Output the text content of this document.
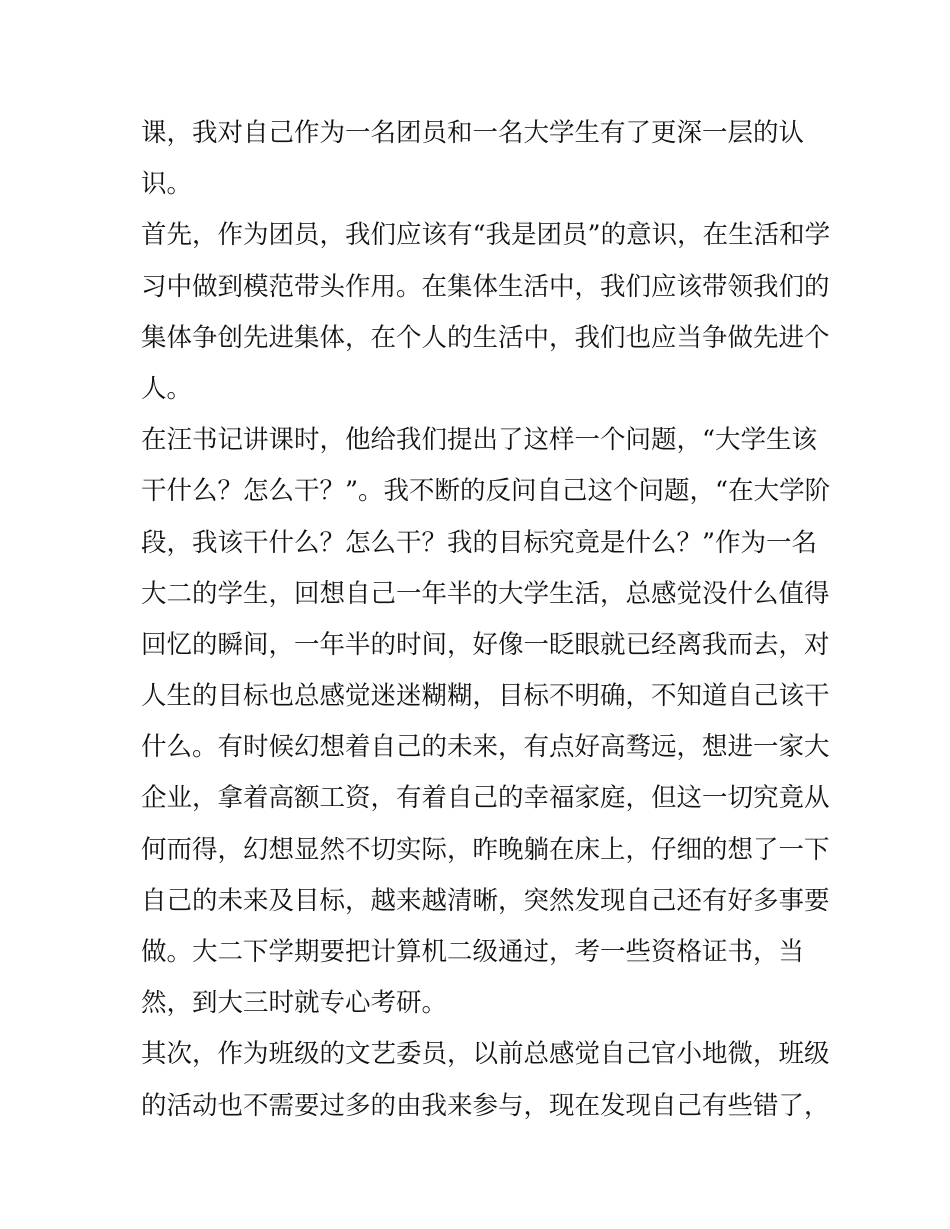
课，我对自己作为一名团员和一名大学生有了更深一层的认
识。
首先，作为团员，我们应该有“我是团员”的意识，在生活和学
习中做到模范带头作用。在集体生活中，我们应该带领我们的
集体争创先进集体，在个人的生活中，我们也应当争做先进个
人。
在汪书记讲课时，他给我们提出了这样一个问题，“大学生该
干什么？怎么干？”。我不断的反问自己这个问题，“在大学阶
段，我该干什么？怎么干？我的目标究竟是什么？”作为一名
大二的学生，回想自己一年半的大学生活，总感觉没什么值得
回忆的瞬间，一年半的时间，好像一眨眼就已经离我而去，对
人生的目标也总感觉迷迷糊糊，目标不明确，不知道自己该干
什么。有时候幻想着自己的未来，有点好高骛远，想进一家大
企业，拿着高额工资，有着自己的幸福家庭，但这一切究竟从
何而得，幻想显然不切实际，昨晚躺在床上，仔细的想了一下
自己的未来及目标，越来越清晰，突然发现自己还有好多事要
做。大二下学期要把计算机二级通过，考一些资格证书，当
然，到大三时就专心考研。
其次，作为班级的文艺委员，以前总感觉自己官小地微，班级
的活动也不需要过多的由我来参与，现在发现自己有些错了，
